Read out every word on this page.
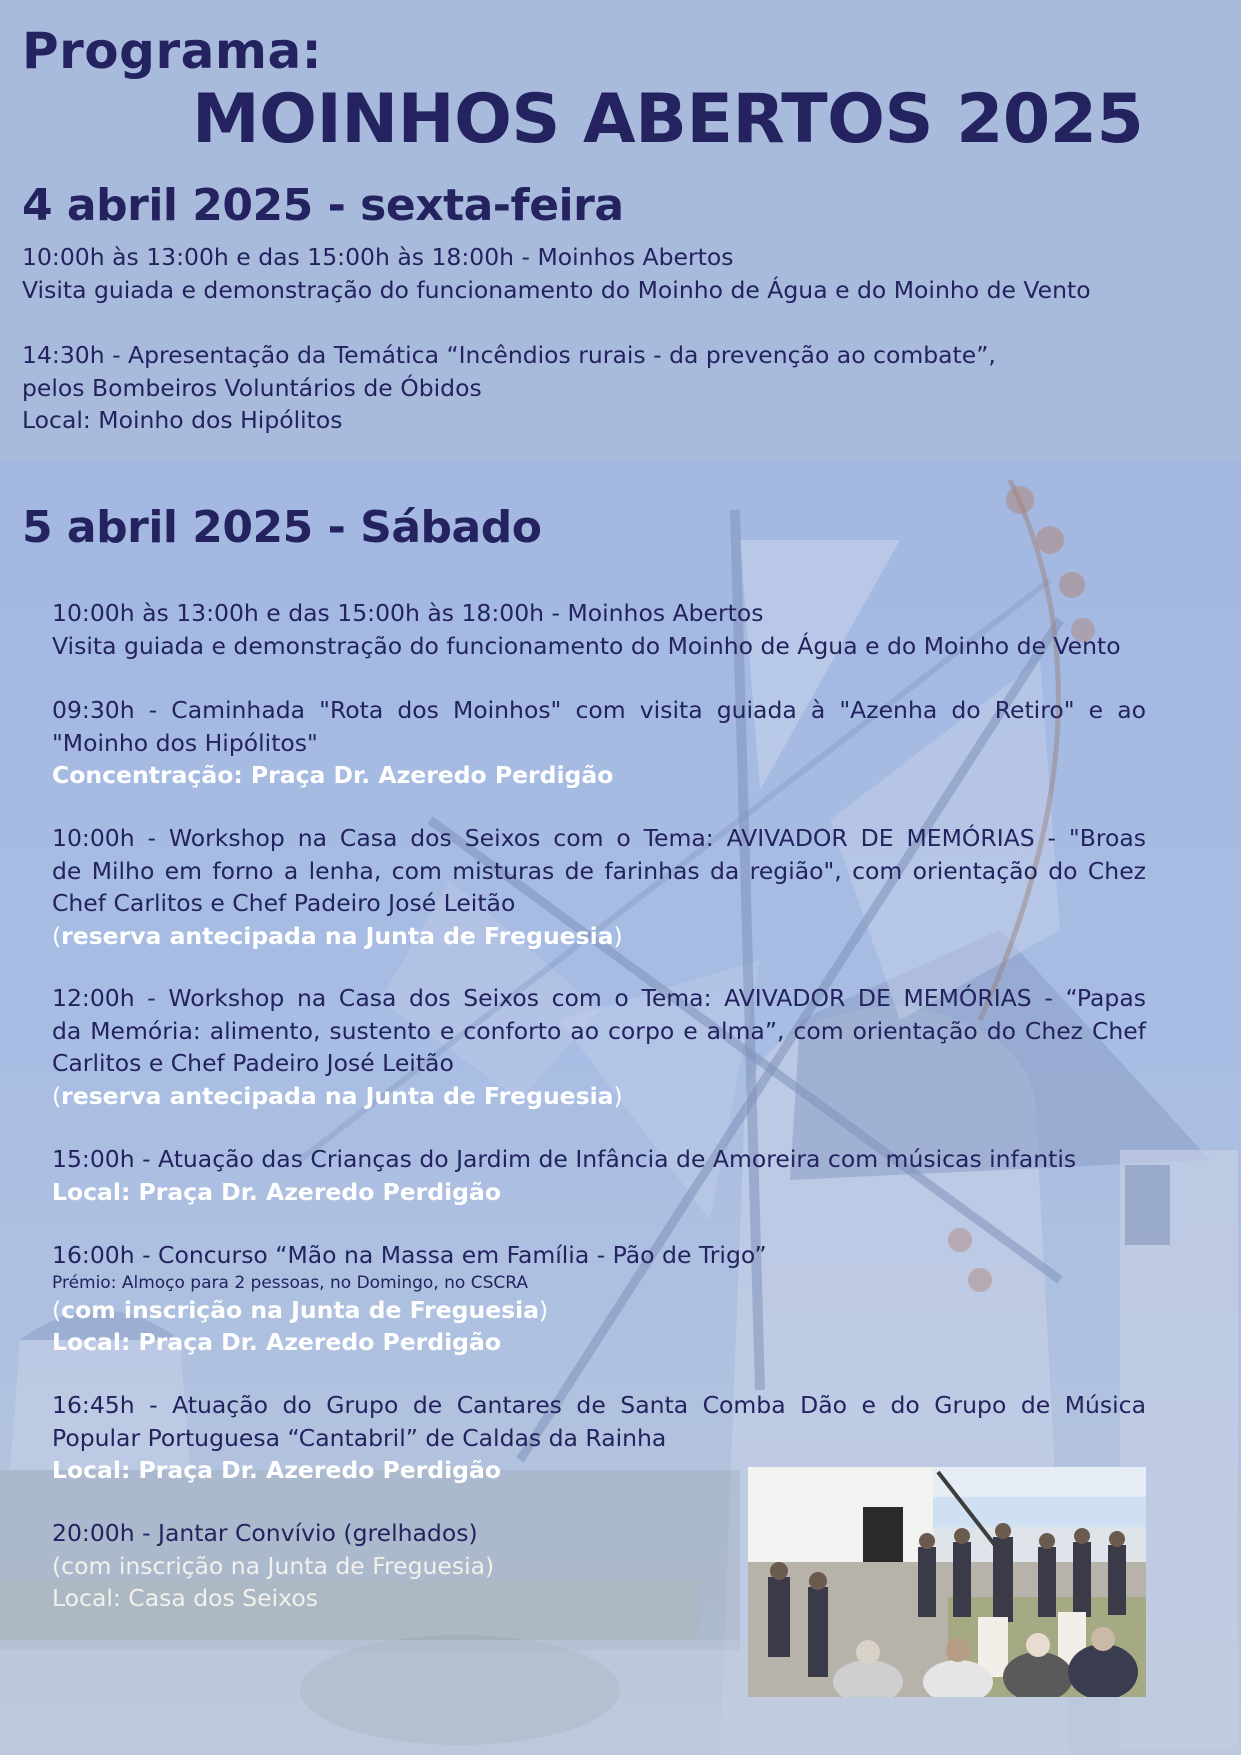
Programa:
MOINHOS ABERTOS 2025
4 abril 2025 - sexta-feira
10:00h às 13:00h e das 15:00h às 18:00h - Moinhos Abertos
Visita guiada e demonstração do funcionamento do Moinho de Água e do Moinho de Vento
14:30h - Apresentação da Temática “Incêndios rurais - da prevenção ao combate”,
pelos Bombeiros Voluntários de Óbidos
Local: Moinho dos Hipólitos
5 abril 2025 - Sábado
10:00h às 13:00h e das 15:00h às 18:00h - Moinhos Abertos
Visita guiada e demonstração do funcionamento do Moinho de Água e do Moinho de Vento
09:30h - Caminhada "Rota dos Moinhos" com visita guiada à "Azenha do Retiro" e ao
"Moinho dos Hipólitos"
Concentração: Praça Dr. Azeredo Perdigão
10:00h - Workshop na Casa dos Seixos com o Tema: AVIVADOR DE MEMÓRIAS - "Broas
de Milho em forno a lenha, com misturas de farinhas da região", com orientação do Chez
Chef Carlitos e Chef Padeiro José Leitão
(reserva antecipada na Junta de Freguesia)
12:00h - Workshop na Casa dos Seixos com o Tema: AVIVADOR DE MEMÓRIAS - “Papas
da Memória: alimento, sustento e conforto ao corpo e alma”, com orientação do Chez Chef
Carlitos e Chef Padeiro José Leitão
(reserva antecipada na Junta de Freguesia)
15:00h - Atuação das Crianças do Jardim de Infância de Amoreira com músicas infantis
Local: Praça Dr. Azeredo Perdigão
16:00h - Concurso “Mão na Massa em Família - Pão de Trigo”
Prémio: Almoço para 2 pessoas, no Domingo, no CSCRA
(com inscrição na Junta de Freguesia)
Local: Praça Dr. Azeredo Perdigão
16:45h - Atuação do Grupo de Cantares de Santa Comba Dão e do Grupo de Música
Popular Portuguesa “Cantabril” de Caldas da Rainha
Local: Praça Dr. Azeredo Perdigão
20:00h - Jantar Convívio (grelhados)
(com inscrição na Junta de Freguesia)
Local: Casa dos Seixos
